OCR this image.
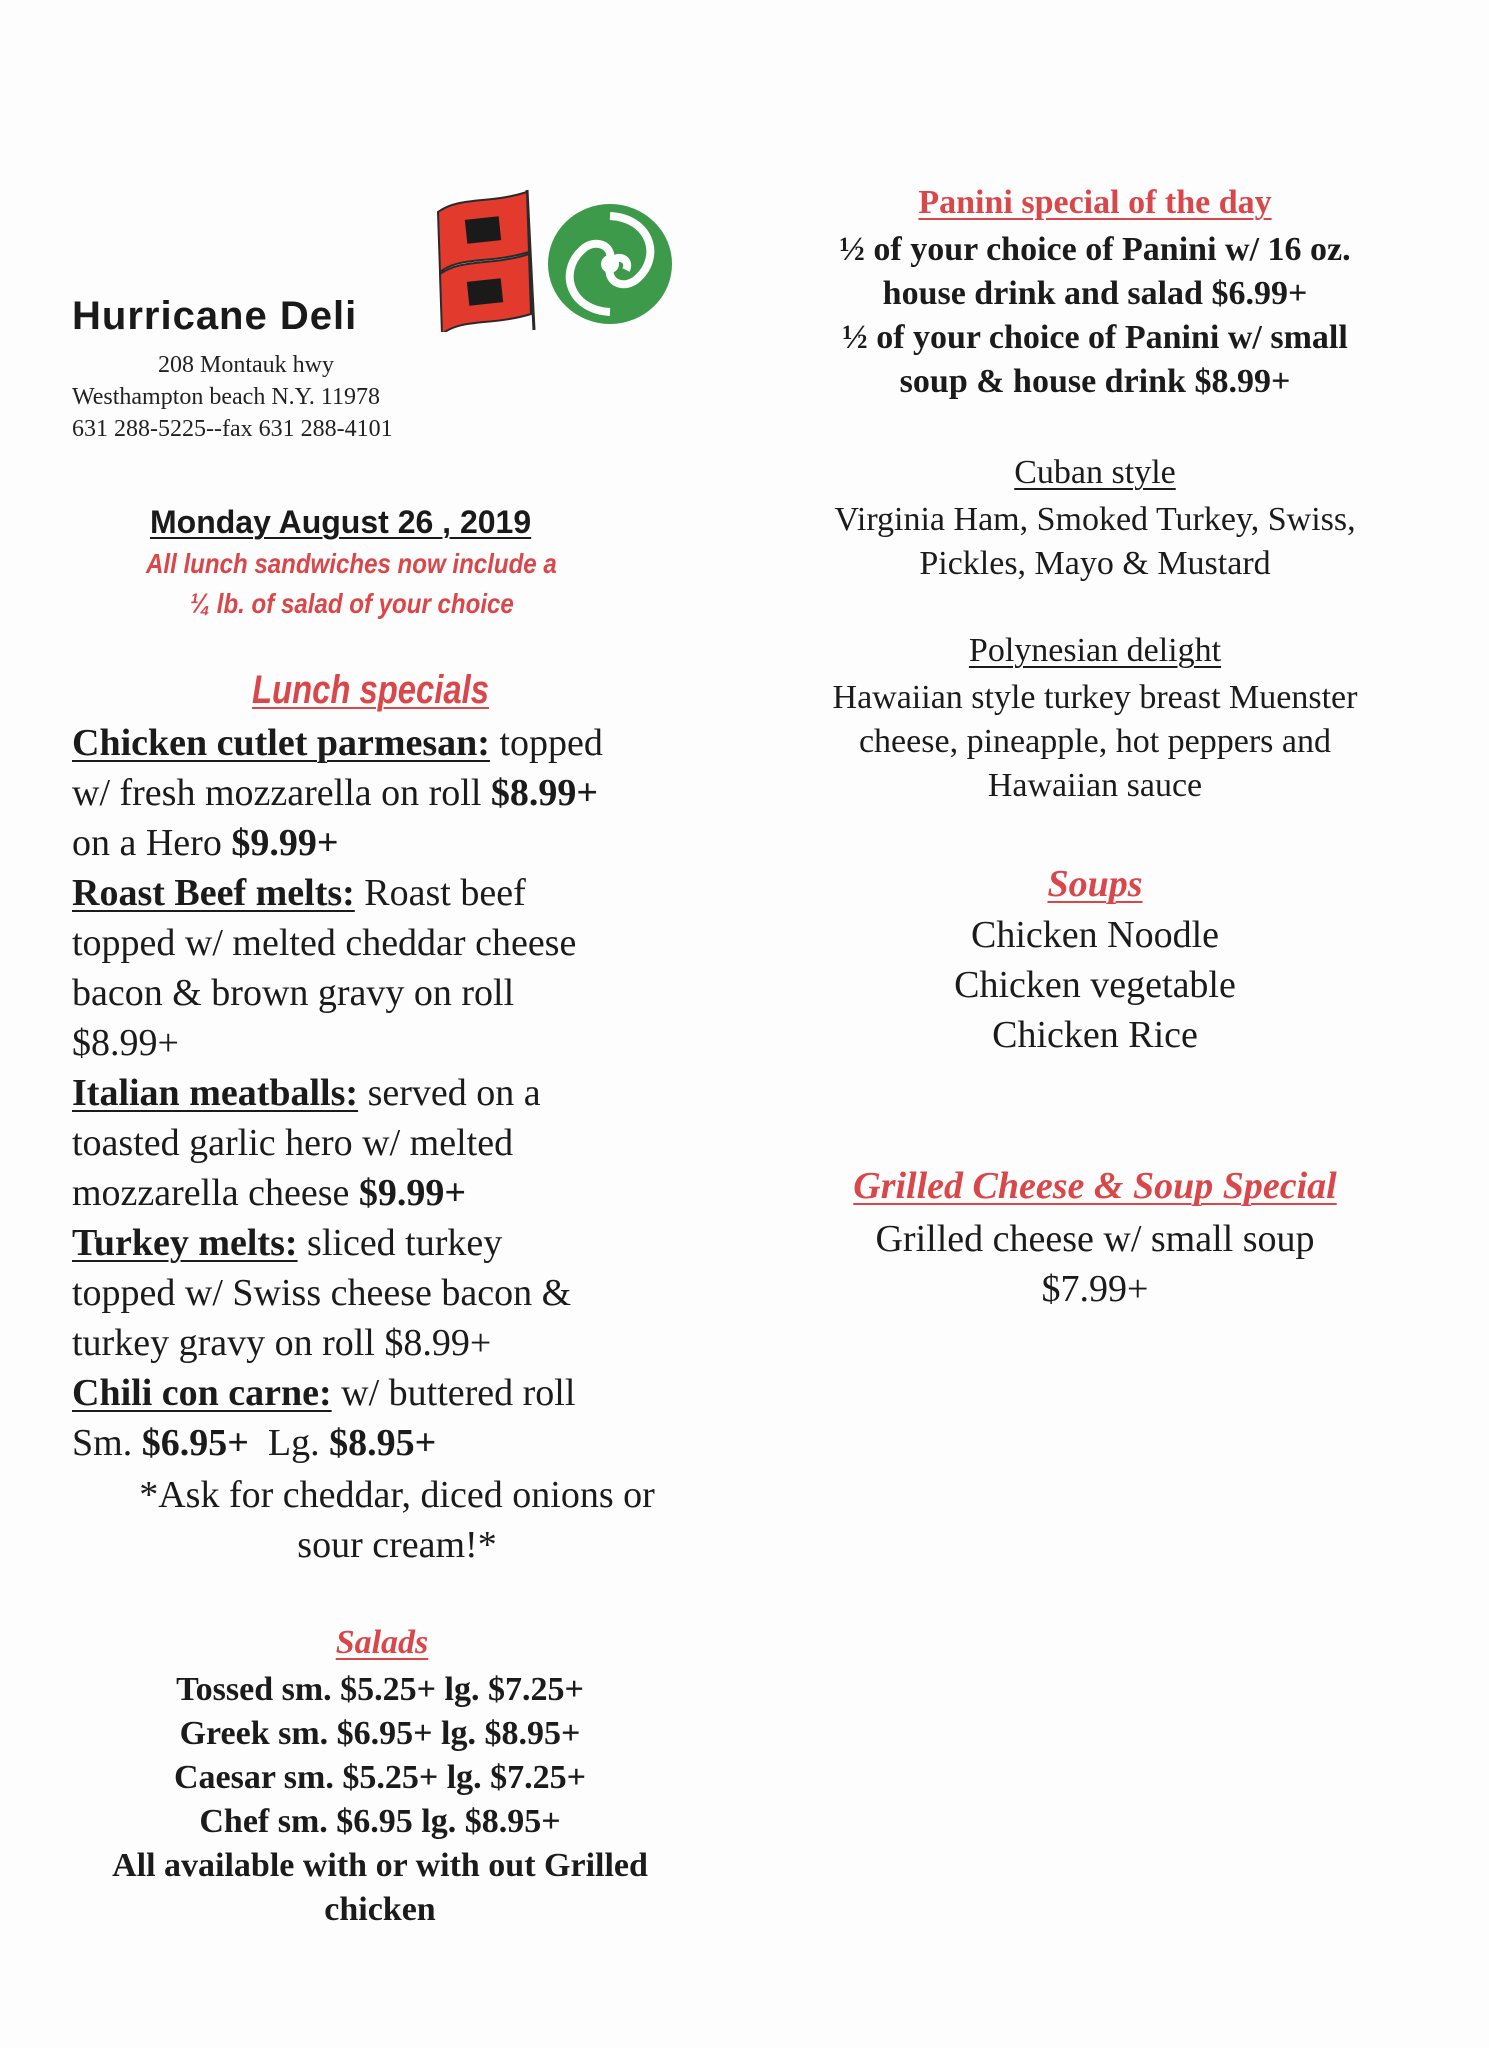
Hurricane Deli
208 Montauk hwy
Westhampton beach N.Y. 11978
631 288-5225--fax 631 288-4101
Monday August 26 , 2019
All lunch sandwiches now include a
¼ lb. of salad of your choice
Lunch specials
Chicken cutlet parmesan: topped
w/ fresh mozzarella on roll $8.99+
on a Hero $9.99+
Roast Beef melts: Roast beef
topped w/ melted cheddar cheese
bacon & brown gravy on roll
$8.99+
Italian meatballs: served on a
toasted garlic hero w/ melted
mozzarella cheese $9.99+
Turkey melts: sliced turkey
topped w/ Swiss cheese bacon &
turkey gravy on roll $8.99+
Chili con carne: w/ buttered roll
Sm. $6.95+  Lg. $8.95+
*Ask for cheddar, diced onions or
sour cream!*
Salads
Tossed sm. $5.25+ lg. $7.25+
Greek sm. $6.95+ lg. $8.95+
Caesar sm. $5.25+ lg. $7.25+
Chef sm. $6.95 lg. $8.95+
All available with or with out Grilled
chicken
Panini special of the day
½ of your choice of Panini w/ 16 oz.
house drink and salad $6.99+
½ of your choice of Panini w/ small
soup & house drink $8.99+
Cuban style
Virginia Ham, Smoked Turkey, Swiss,
Pickles, Mayo & Mustard
Polynesian delight
Hawaiian style turkey breast Muenster
cheese, pineapple, hot peppers and
Hawaiian sauce
Soups
Chicken Noodle
Chicken vegetable
Chicken Rice
Grilled Cheese & Soup Special
Grilled cheese w/ small soup
$7.99+
